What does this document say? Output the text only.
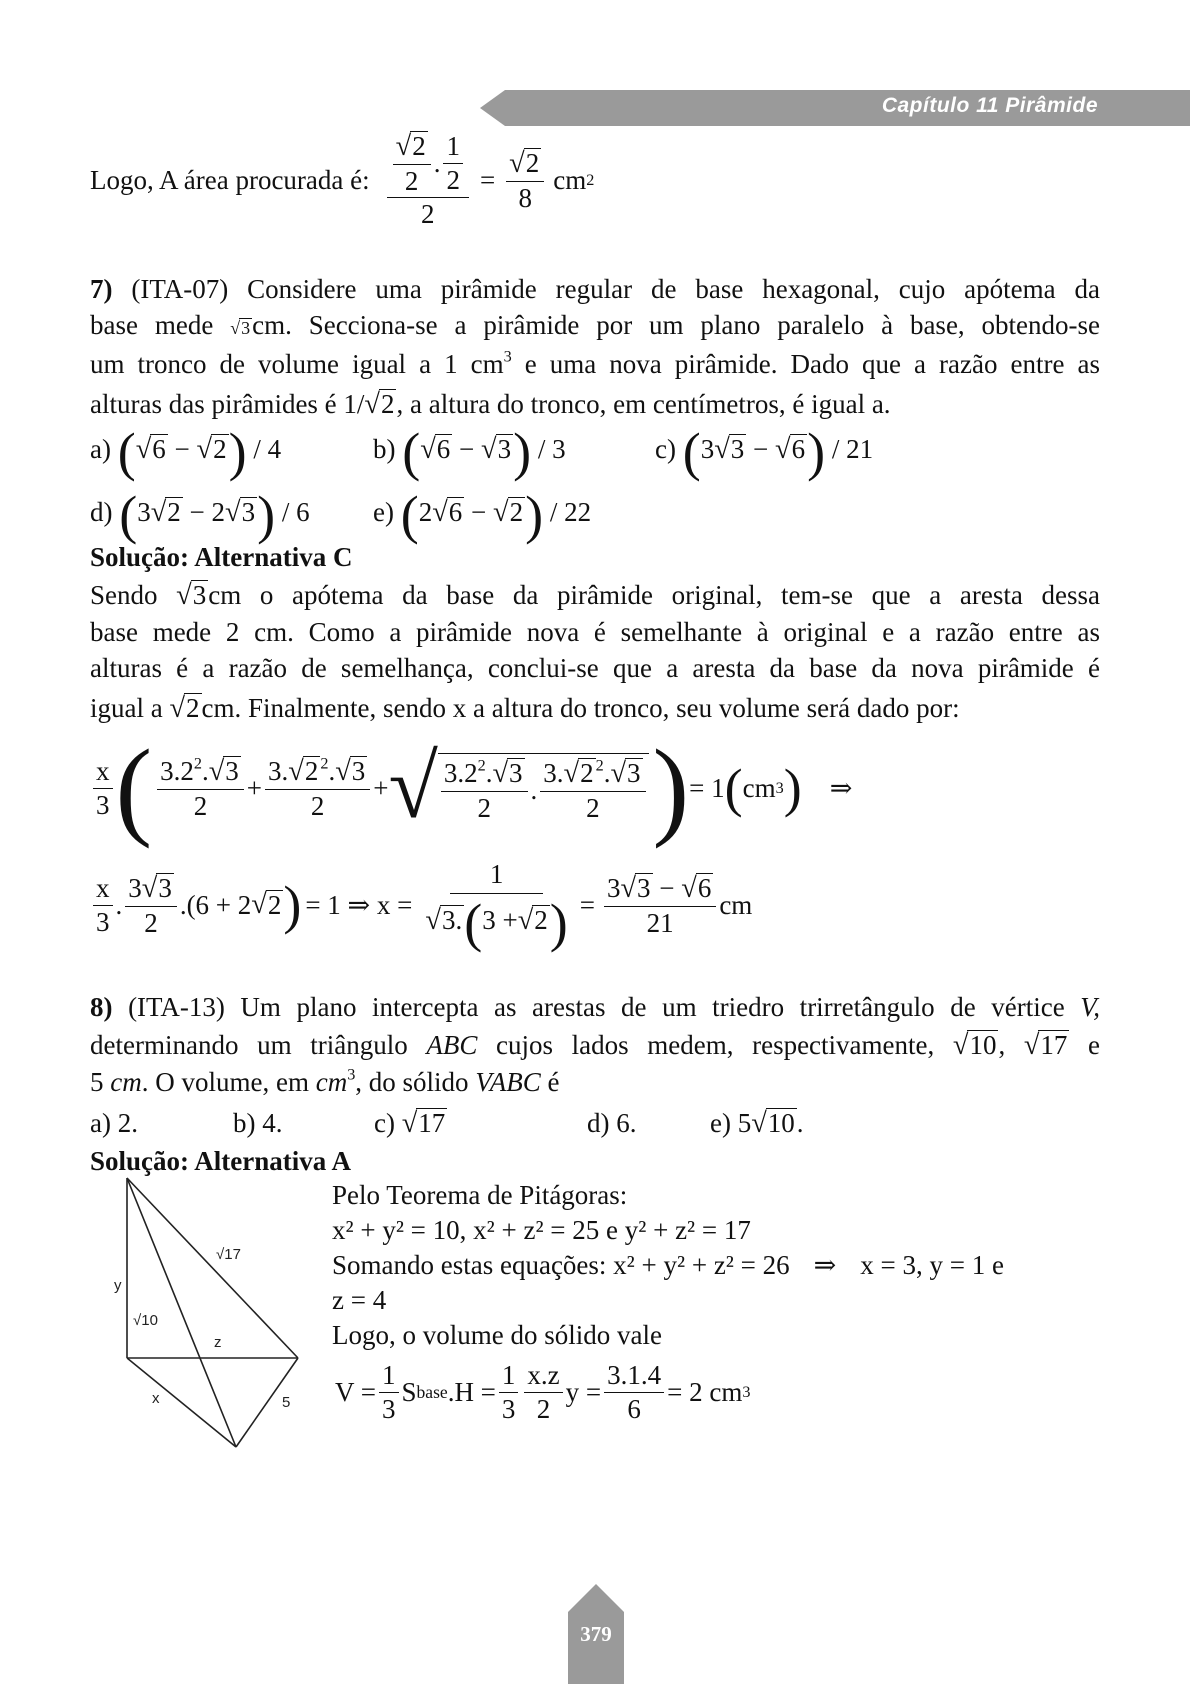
Capítulo 11 Pirâmide
Logo, A área procurada é: $\frac{\frac{√2}{2} . \frac{1}{2}}{2} = \frac{√2}{8}$ cm 2
7) (ITA-07) Considere uma pirâmide regular de base hexagonal, cujo apótema da
base mede √3cm. Secciona-se a pirâmide por um plano paralelo à base, obtendo-se
um tronco de volume igual a 1 $cm^3$ e uma nova pirâmide. Dado que a razão entre as
alturas das pirâmides é 1/√2, a altura do tronco, em centímetros, é igual a.
a) (√6 − √2) / 4	b) (√6 − √3) / 3	c) (3√3 − √6) / 21
d) (3√2 − 2√3) / 6 e) (2√6 − √2) / 22
Solução: Alternativa C
Sendo √3cm o apótema da base da pirâmide original, tem-se que a aresta dessa
base mede 2 cm. Como a pirâmide nova é semelhante à original e a razão entre as
alturas é a razão de semelhança, conclui-se que a aresta da base da nova pirâmide é
igual a √2cm. Finalmente, sendo x a altura do tronco, seu volume será dado por:
$\frac{x}{3}$ ( $\frac{3.2^2.√3}{2} + \frac{3.√2 ^2.√3}{2}$ + √ $\frac{3.2^2.√3}{2}$ . $\frac{3.√2 ^2.√3}{2}$ ) = 1 ( cm 3 ) ⇒
$\frac{x}{3}$ . $\frac{3√3}{2} .(6 + 2$ √ 2 ) = 1 ⇒ $x = \frac{1}{√3.(3 +√2)} = \frac{3√3 - √6}{21}$ cm
8) (ITA-13) Um plano intercepta as arestas de um triedro trirretângulo de vértice V,
determinando um triângulo ABC cujos lados medem, respectivamente, √10, √17 e
5 cm. O volume, em $cm^3$, do sólido VABC é
a) 2.	b) 4.	c) √17	d) 6.	e) 5√10.
Solução: Alternativa A
y
√17
√10
z
x	5
Pelo Teorema de Pitágoras:
x² + y² = 10, x² + z² = 25 e y² + z² = 17
Somando estas equações: x² + y² + z² = 26 ⇒ x = 3, y = 1 e
z = 4
Logo, o volume do sólido vale
$V = \frac{1}{3}$ S base $.H = \frac{1}{3} \frac{x.z}{2}$ $y = \frac{3.1.4}{6} = 2$ cm 3
379
